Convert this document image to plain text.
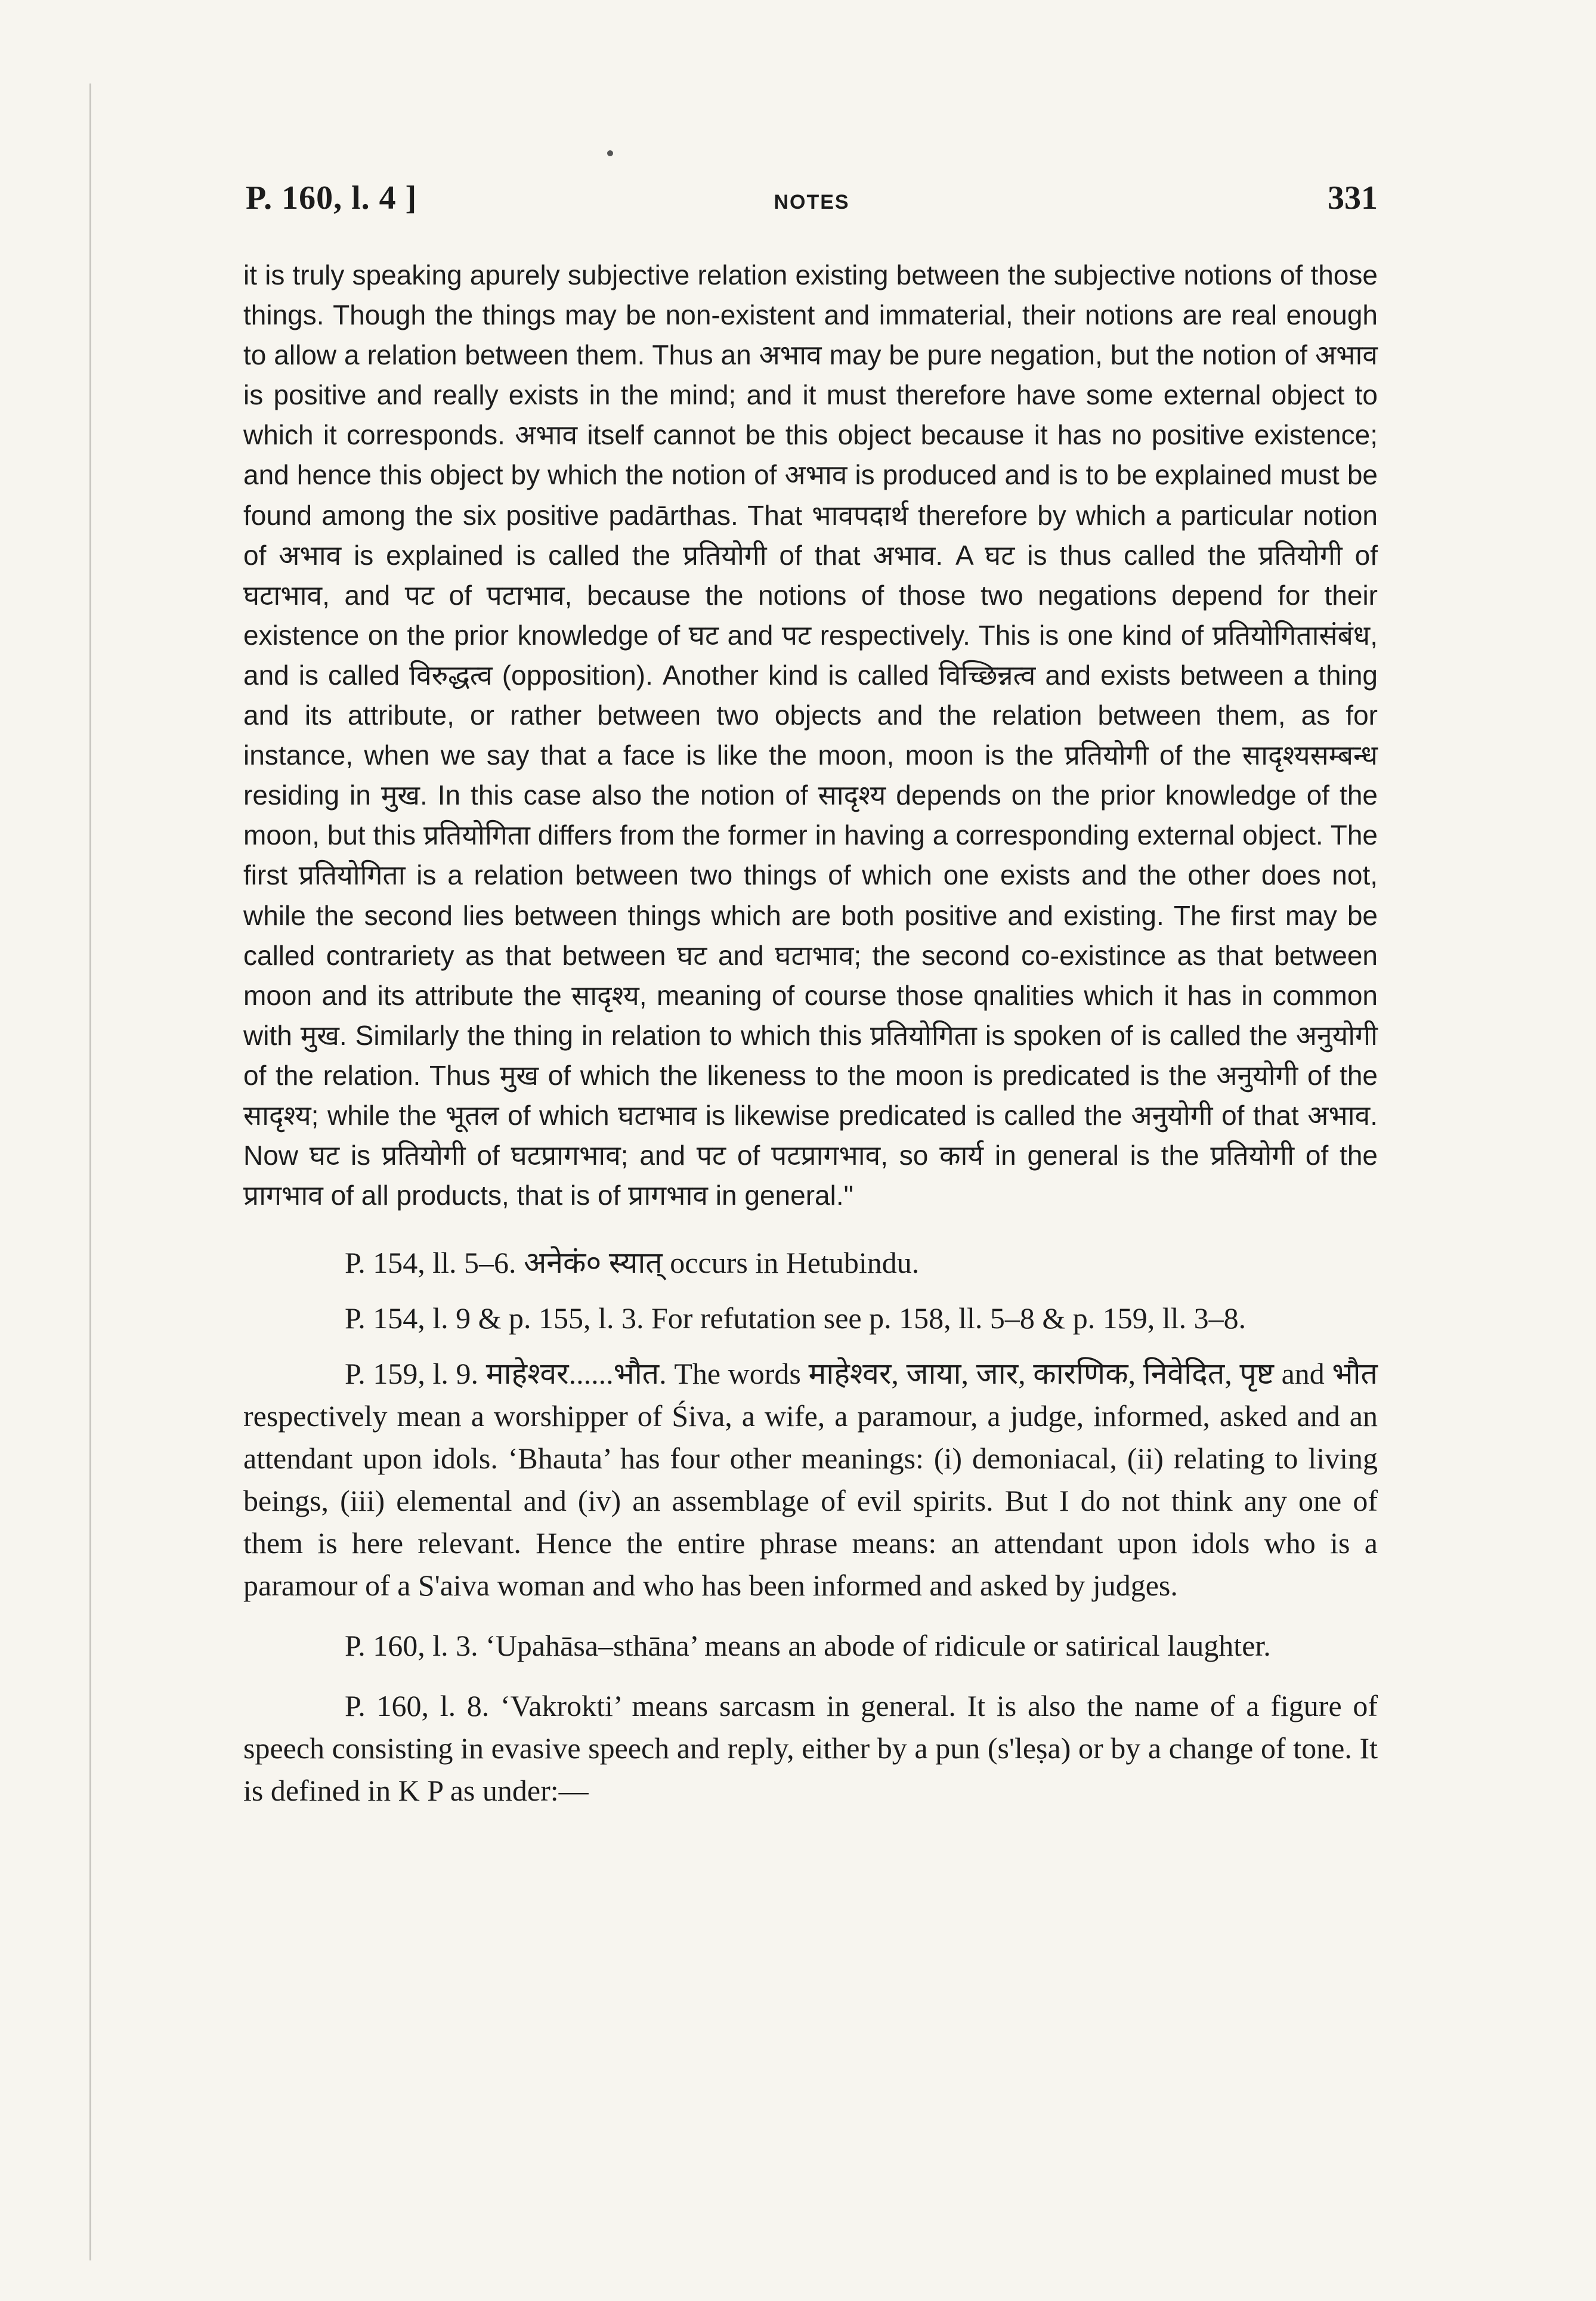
P. 160, l. 4 ]	NOTES	331

it is truly speaking apurely subjective relation existing between the subjective notions of those things. Though the things may be non-existent and immaterial, their notions are real enough to allow a relation between them. Thus an अभाव may be pure negation, but the notion of अभाव is positive and really exists in the mind; and it must therefore have some external object to which it corresponds. अभाव itself cannot be this object because it has no positive existence; and hence this object by which the notion of अभाव is produced and is to be explained must be found among the six positive padārthas. That भावपदार्थ therefore by which a particular notion of अभाव is explained is called the प्रतियोगी of that अभाव. A घट is thus called the प्रतियोगी of घटाभाव, and पट of पटाभाव, because the notions of those two negations depend for their existence on the prior knowledge of घट and पट respectively. This is one kind of प्रतियोगितासंबंध, and is called विरुद्धत्व (opposition). Another kind is called विच्छिन्नत्व and exists between a thing and its attribute, or rather between two objects and the relation between them, as for instance, when we say that a face is like the moon, moon is the प्रतियोगी of the सादृश्यसम्बन्ध residing in मुख. In this case also the notion of सादृश्य depends on the prior knowledge of the moon, but this प्रतियोगिता differs from the former in having a corresponding external object. The first प्रतियोगिता is a relation between two things of which one exists and the other does not, while the second lies between things which are both positive and existing. The first may be called contrariety as that between घट and घटाभाव; the second co-existince as that between moon and its attribute the सादृश्य, meaning of course those qnalities which it has in common with मुख. Similarly the thing in relation to which this प्रतियोगिता is spoken of is called the अनुयोगी of the relation. Thus मुख of which the likeness to the moon is predicated is the अनुयोगी of the सादृश्य; while the भूतल of which घटाभाव is likewise predicated is called the अनुयोगी of that अभाव. Now घट is प्रतियोगी of घटप्रागभाव; and पट of पटप्रागभाव, so कार्य in general is the प्रतियोगी of the प्रागभाव of all products, that is of प्रागभाव in general."

P. 154, ll. 5–6. अनेकं० स्यात् occurs in Hetubindu.

P. 154, l. 9 & p. 155, l. 3. For refutation see p. 158, ll. 5–8 & p. 159, ll. 3–8.

P. 159, l. 9. माहेश्वर......भौत. The words माहेश्वर, जाया, जार, कारणिक, निवेदित, पृष्ट and भौत respectively mean a worshipper of Śiva, a wife, a paramour, a judge, informed, asked and an attendant upon idols. ‘Bhauta’ has four other meanings: (i) demoniacal, (ii) relating to living beings, (iii) elemental and (iv) an assemblage of evil spirits. But I do not think any one of them is here relevant. Hence the entire phrase means: an attendant upon idols who is a paramour of a S'aiva woman and who has been informed and asked by judges.

P. 160, l. 3. ‘Upahāsa–sthāna’ means an abode of ridicule or satirical laughter.

P. 160, l. 8. ‘Vakrokti’ means sarcasm in general. It is also the name of a figure of speech consisting in evasive speech and reply, either by a pun (s'leṣa) or by a change of tone. It is defined in K P as under:—
